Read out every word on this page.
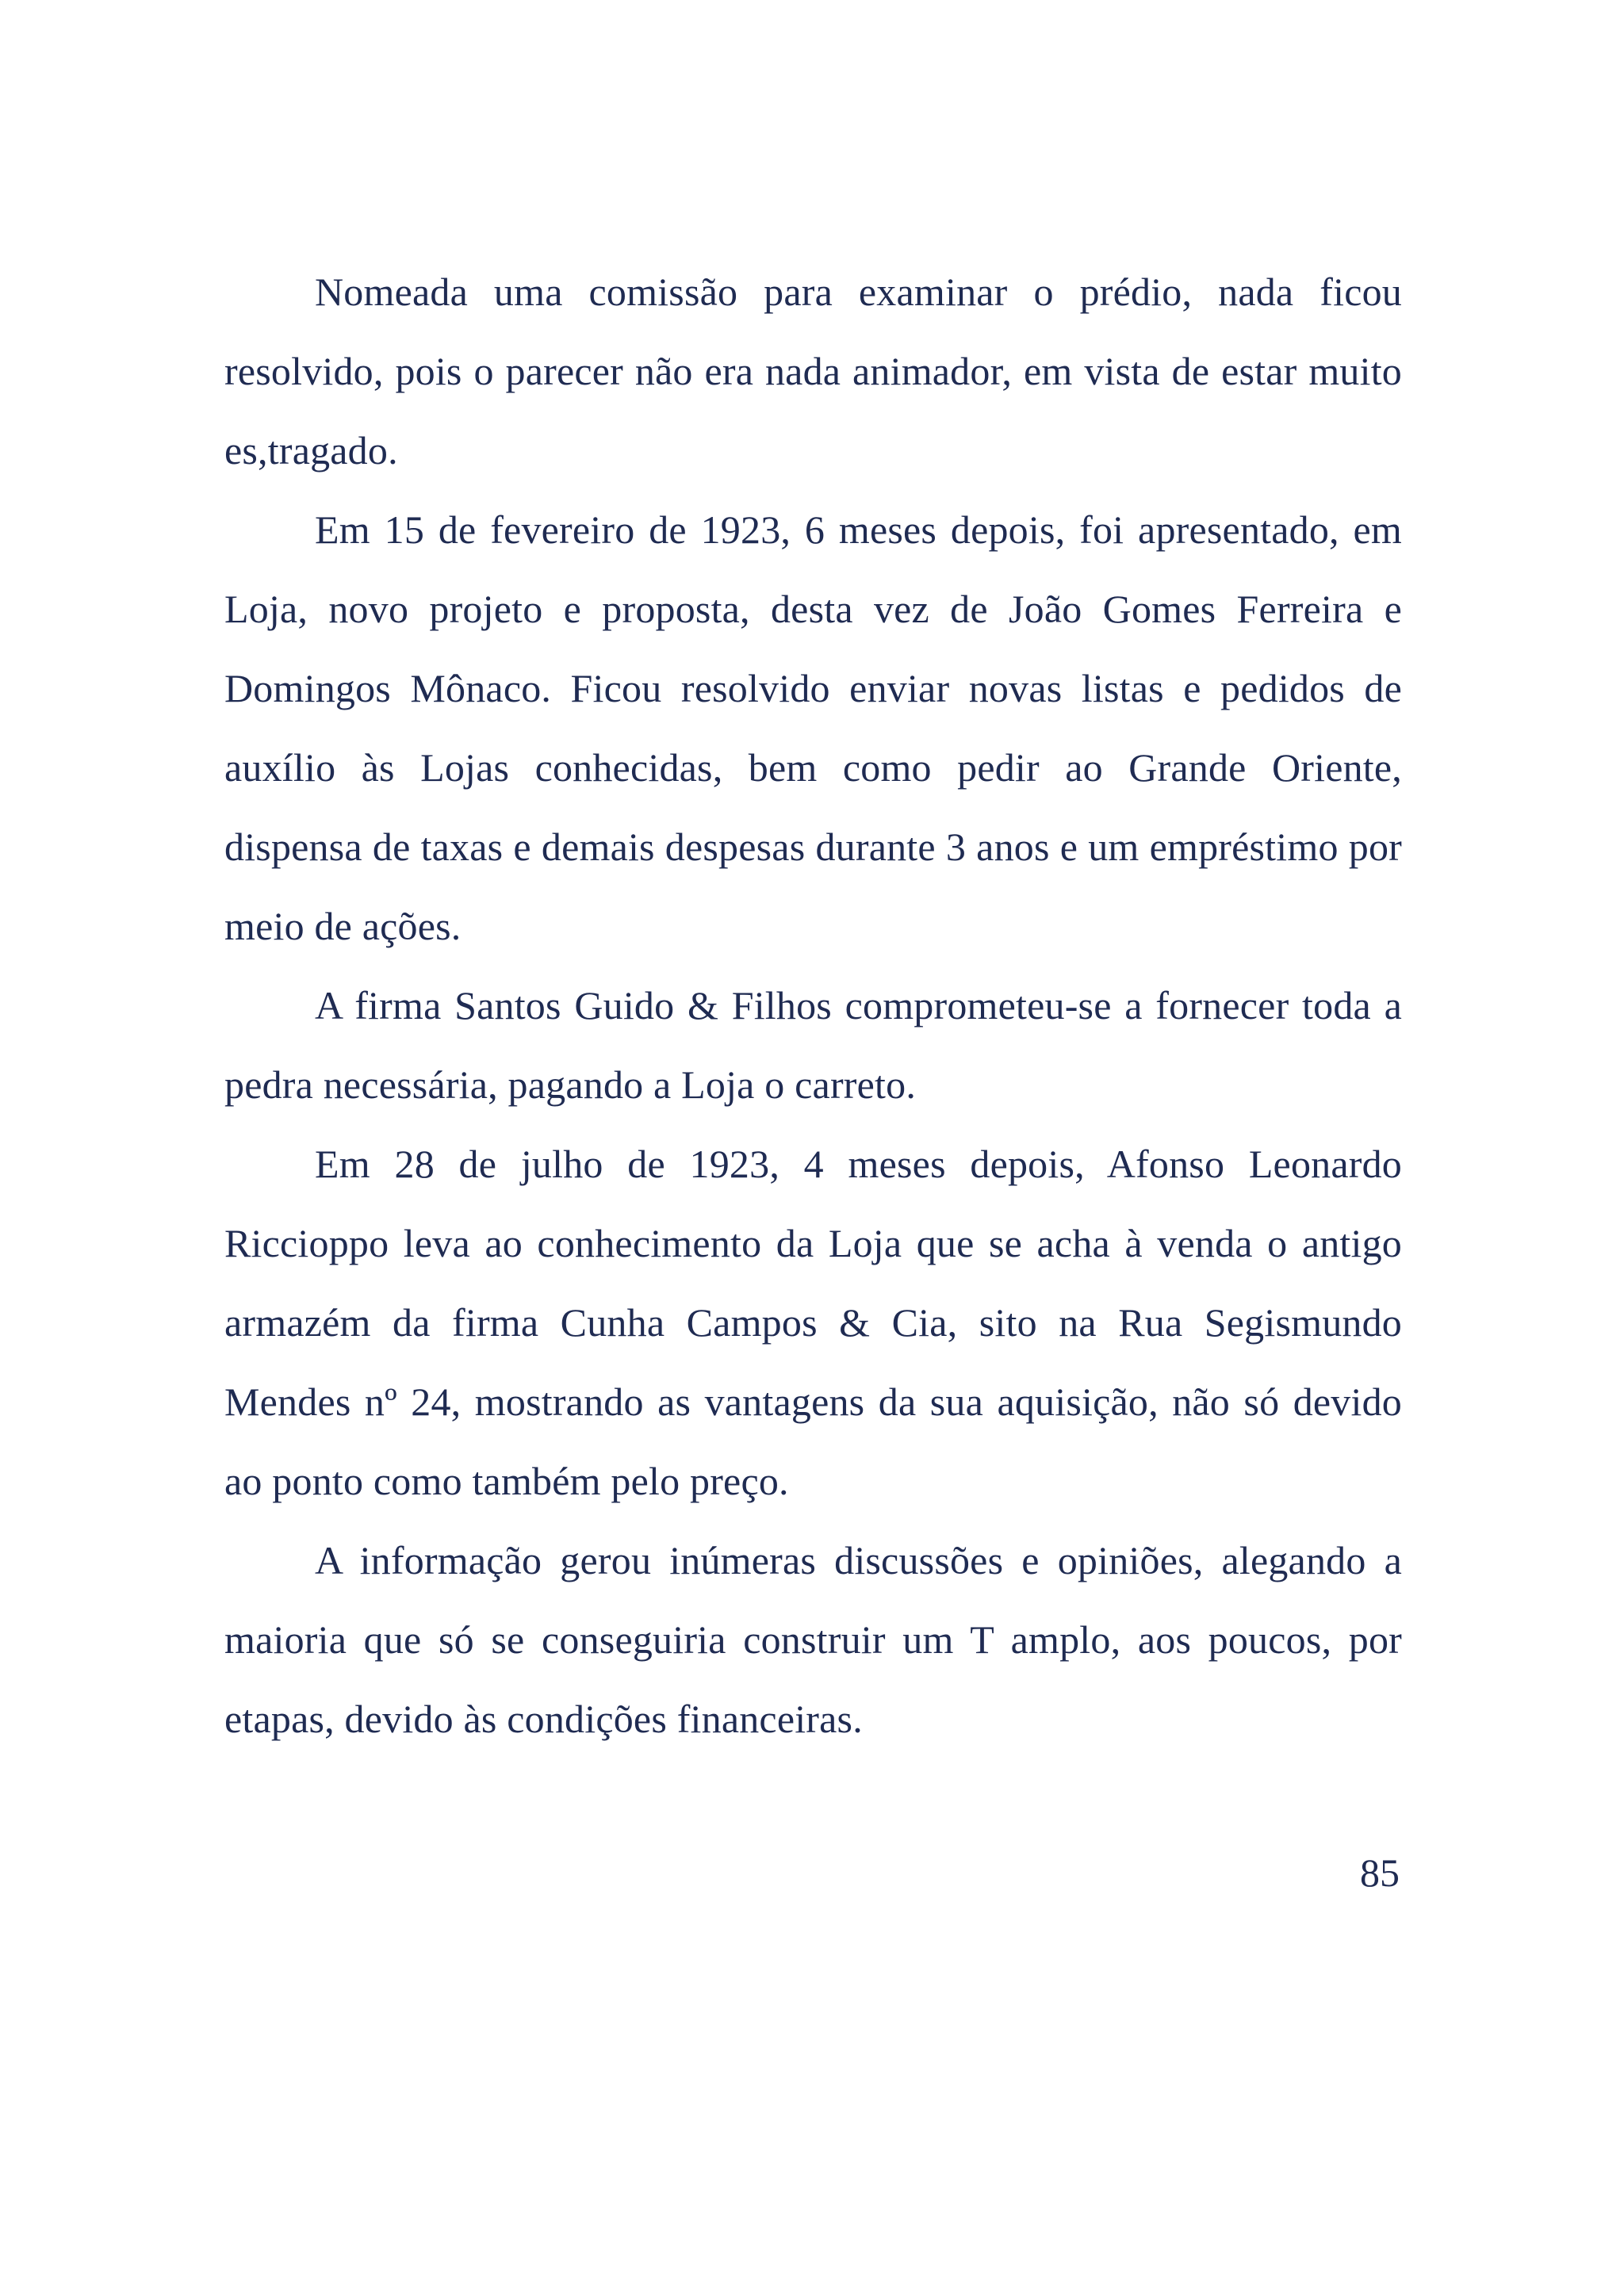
Nomeada uma comissão para examinar o prédio, nada ficou resolvido, pois o parecer não era nada animador, em vista de estar muito es,tragado.

Em 15 de fevereiro de 1923, 6 meses depois, foi apresentado, em Loja, novo projeto e proposta, desta vez de João Gomes Ferreira e Domingos Mônaco. Ficou resolvido enviar novas listas e pedidos de auxílio às Lojas conhecidas, bem como pedir ao Grande Oriente, dispensa de taxas e demais despesas durante 3 anos e um empréstimo por meio de ações.

A firma Santos Guido & Filhos comprometeu-se a fornecer toda a pedra necessária, pagando a Loja o carreto.

Em 28 de julho de 1923, 4 meses depois, Afonso Leonardo Riccioppo leva ao conhecimento da Loja que se acha à venda o antigo armazém da firma Cunha Campos & Cia, sito na Rua Segismundo Mendes nº 24, mostrando as vantagens da sua aquisição, não só devido ao ponto como também pelo preço.

A informação gerou inúmeras discussões e opiniões, alegando a maioria que só se conseguiria construir um T amplo, aos poucos, por etapas, devido às condições financeiras.

85
